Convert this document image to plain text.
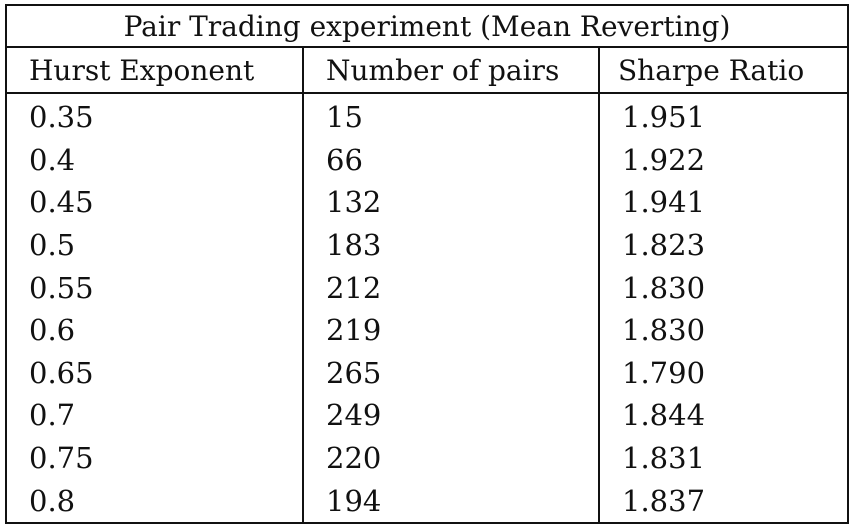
Pair Trading experiment (Mean Reverting)		
Hurst Exponent	Number of pairs	Sharpe Ratio
0.35	15	1.951
0.4	66	1.922
0.45	132	1.941
0.5	183	1.823
0.55	212	1.830
0.6	219	1.830
0.65	265	1.790
0.7	249	1.844
0.75	220	1.831
0.8	194	1.837
